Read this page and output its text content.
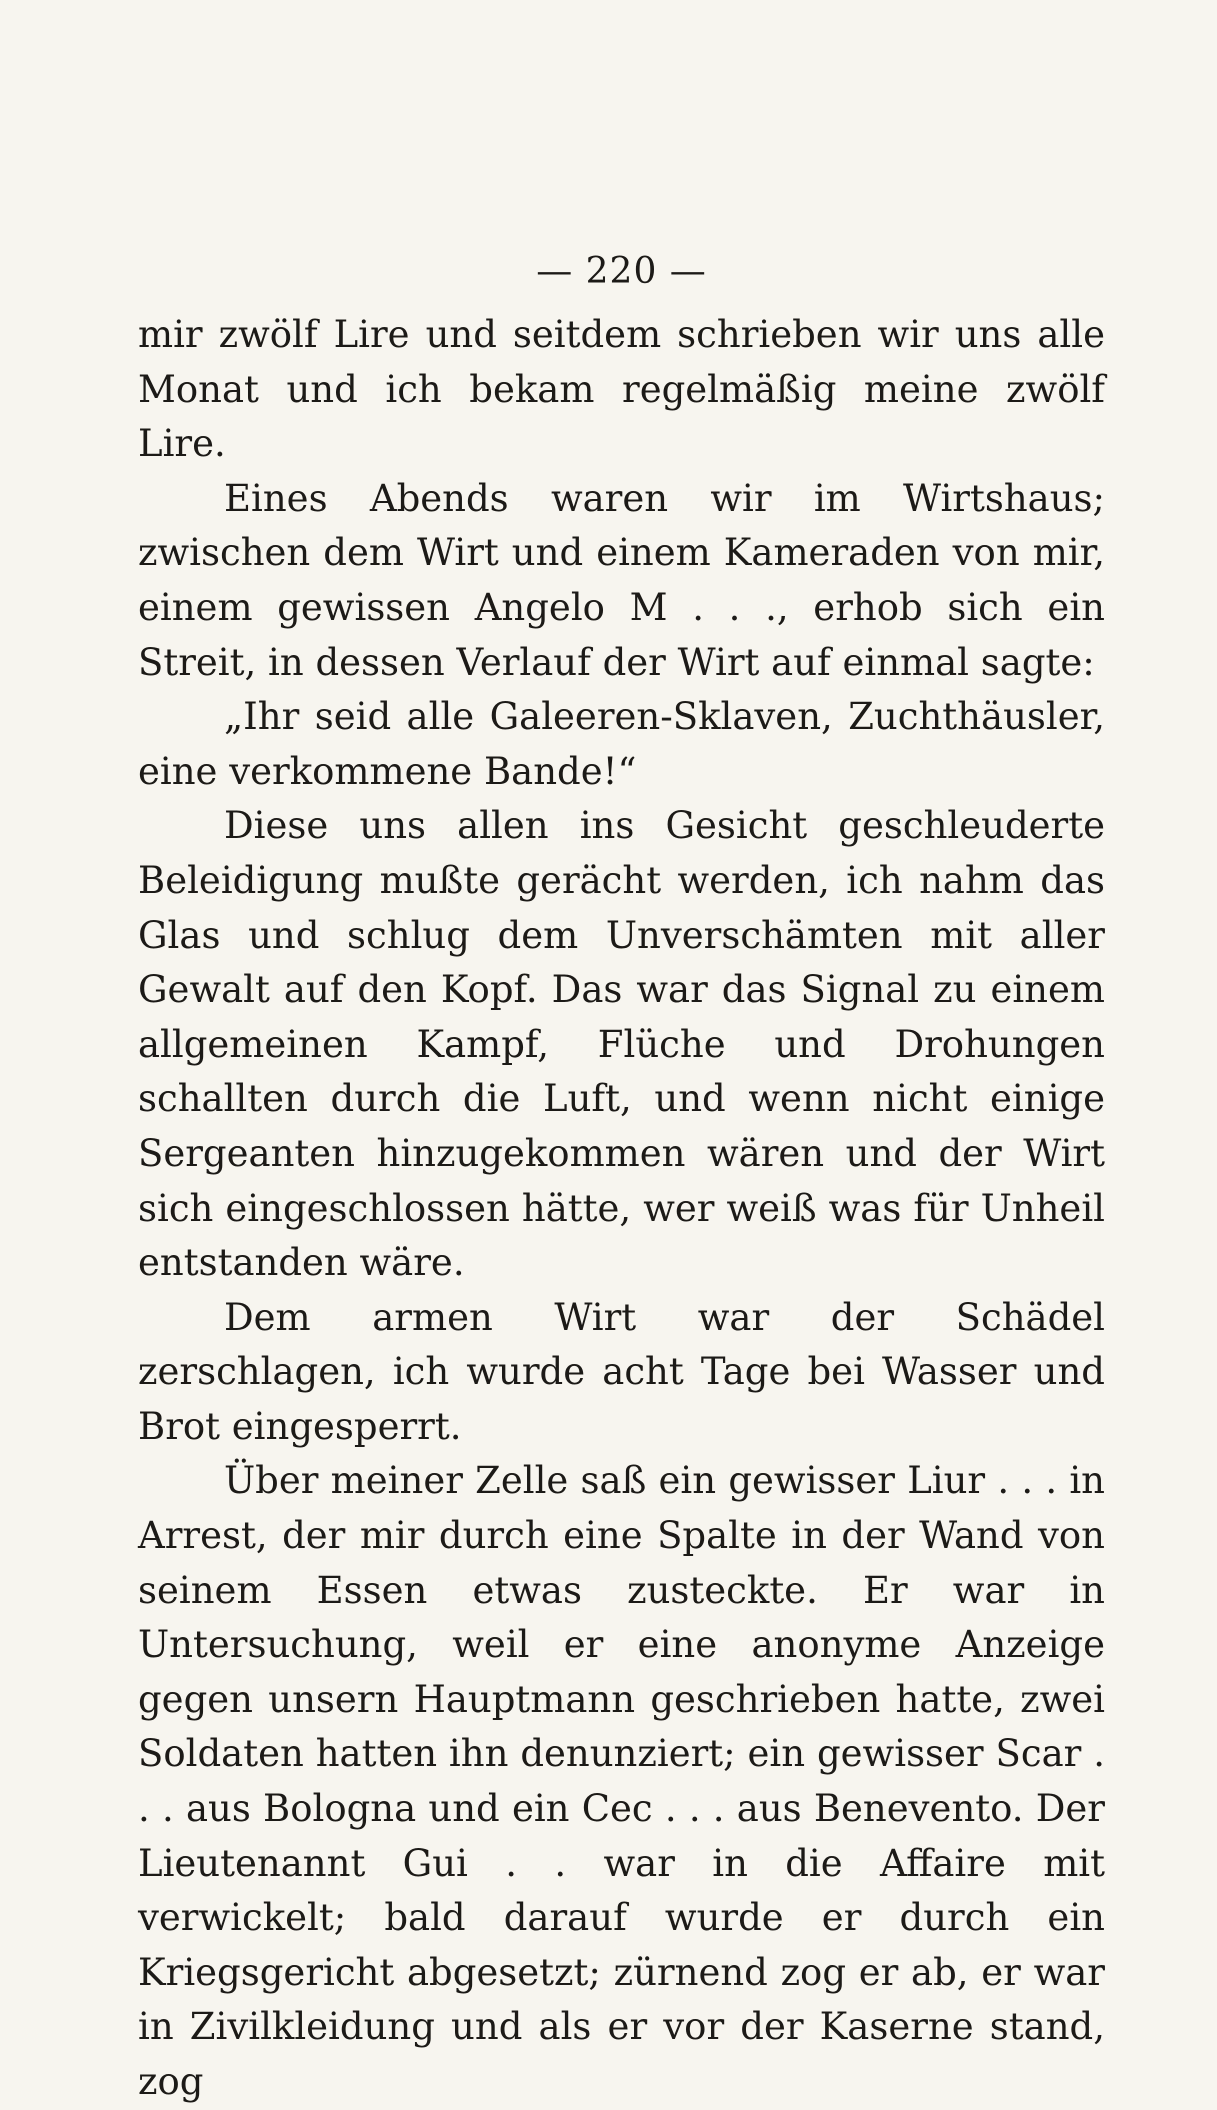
— 220 —

mir zwölf Lire und seitdem schrieben wir uns alle Monat und ich bekam regelmäßig meine zwölf Lire.

Eines Abends waren wir im Wirtshaus; zwischen dem Wirt und einem Kameraden von mir, einem gewissen Angelo M . . ., erhob sich ein Streit, in dessen Verlauf der Wirt auf einmal sagte:

„Ihr seid alle Galeeren-Sklaven, Zuchthäusler, eine verkommene Bande!“

Diese uns allen ins Gesicht geschleuderte Beleidigung mußte gerächt werden, ich nahm das Glas und schlug dem Unverschämten mit aller Gewalt auf den Kopf. Das war das Signal zu einem allgemeinen Kampf, Flüche und Drohungen schallten durch die Luft, und wenn nicht einige Sergeanten hinzugekommen wären und der Wirt sich eingeschlossen hätte, wer weiß was für Unheil entstanden wäre.

Dem armen Wirt war der Schädel zerschlagen, ich wurde acht Tage bei Wasser und Brot eingesperrt.

Über meiner Zelle saß ein gewisser Liur . . . in Arrest, der mir durch eine Spalte in der Wand von seinem Essen etwas zusteckte. Er war in Untersuchung, weil er eine anonyme Anzeige gegen unsern Hauptmann geschrieben hatte, zwei Soldaten hatten ihn denunziert; ein gewisser Scar . . . aus Bologna und ein Cec . . . aus Benevento. Der Lieutenannt Gui . . war in die Affaire mit verwickelt; bald darauf wurde er durch ein Kriegsgericht abgesetzt; zürnend zog er ab, er war in Zivilkleidung und als er vor der Kaserne stand, zog
